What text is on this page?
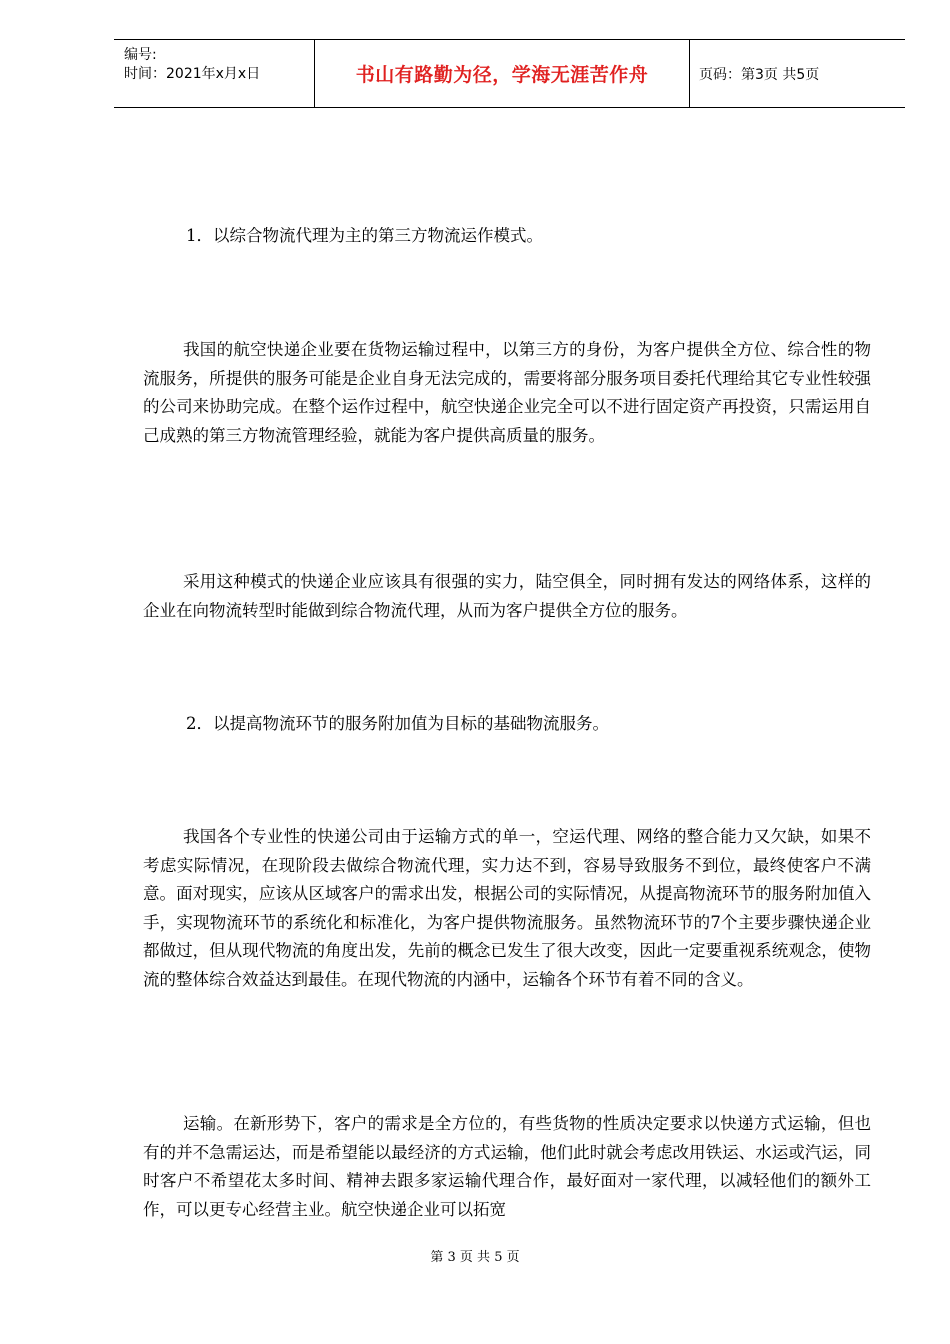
编号:
时间：2021年x月x日	书山有路勤为径，学海无涯苦作舟	页码：第3页 共5页

1．以综合物流代理为主的第三方物流运作模式。

我国的航空快递企业要在货物运输过程中，以第三方的身份，为客户提供全方位、综合性的物流服务，所提供的服务可能是企业自身无法完成的，需要将部分服务项目委托代理给其它专业性较强的公司来协助完成。在整个运作过程中，航空快递企业完全可以不进行固定资产再投资，只需运用自己成熟的第三方物流管理经验，就能为客户提供高质量的服务。

采用这种模式的快递企业应该具有很强的实力，陆空俱全，同时拥有发达的网络体系，这样的企业在向物流转型时能做到综合物流代理，从而为客户提供全方位的服务。

2．以提高物流环节的服务附加值为目标的基础物流服务。

我国各个专业性的快递公司由于运输方式的单一，空运代理、网络的整合能力又欠缺，如果不考虑实际情况，在现阶段去做综合物流代理，实力达不到，容易导致服务不到位，最终使客户不满意。面对现实，应该从区域客户的需求出发，根据公司的实际情况，从提高物流环节的服务附加值入手，实现物流环节的系统化和标准化，为客户提供物流服务。虽然物流环节的7个主要步骤快递企业都做过，但从现代物流的角度出发，先前的概念已发生了很大改变，因此一定要重视系统观念，使物流的整体综合效益达到最佳。在现代物流的内涵中，运输各个环节有着不同的含义。

运输。在新形势下，客户的需求是全方位的，有些货物的性质决定要求以快递方式运输，但也有的并不急需运达，而是希望能以最经济的方式运输，他们此时就会考虑改用铁运、水运或汽运，同时客户不希望花太多时间、精神去跟多家运输代理合作，最好面对一家代理，以减轻他们的额外工作，可以更专心经营主业。航空快递企业可以拓宽

第 3 页 共 5 页
